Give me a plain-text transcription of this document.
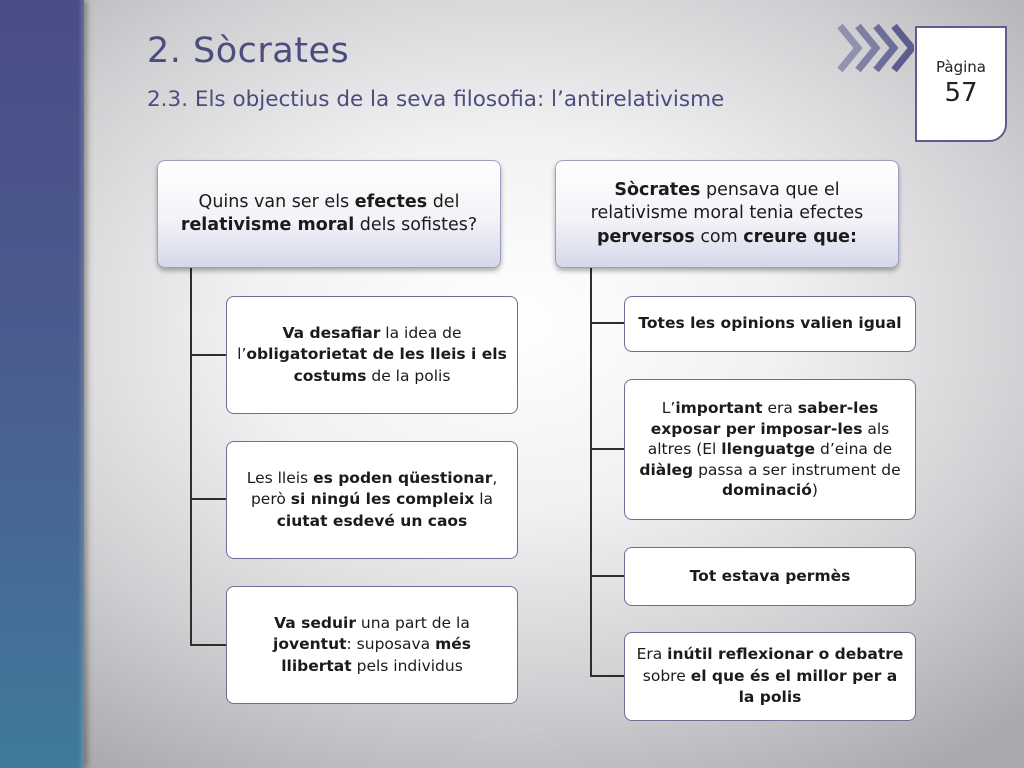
2. Sòcrates
2.3. Els objectius de la seva filosofia: l’antirelativisme
Pàgina
57
Quins van ser els efectes del relativisme moral dels sofistes?
Va desafiar la idea de l’obligatorietat de les lleis i els costums de la polis
Les lleis es poden qüestionar, però si ningú les compleix la ciutat esdevé un caos
Va seduir una part de la joventut: suposava més llibertat pels individus
Sòcrates pensava que el relativisme moral tenia efectes perversos com creure que:
Totes les opinions valien igual
L’important era saber-les exposar per imposar-les als altres (El llenguatge d’eina de diàleg passa a ser instrument de dominació)
Tot estava permès
Era inútil reflexionar o debatre sobre el que és el millor per a la polis
